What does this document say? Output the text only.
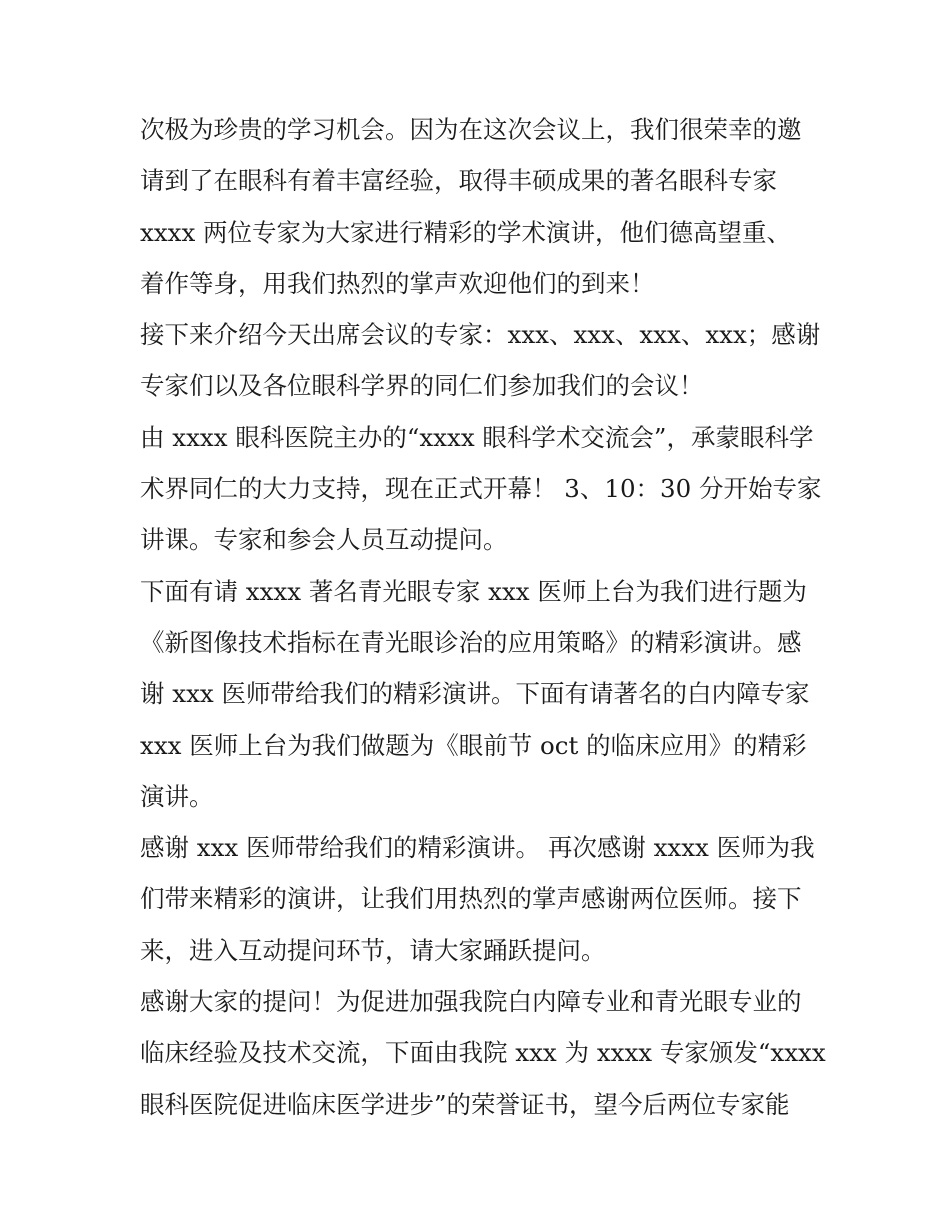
次极为珍贵的学习机会。因为在这次会议上，我们很荣幸的邀
请到了在眼科有着丰富经验，取得丰硕成果的著名眼科专家
xxxx 两位专家为大家进行精彩的学术演讲，他们德高望重、
着作等身，用我们热烈的掌声欢迎他们的到来！
接下来介绍今天出席会议的专家：xxx、xxx、xxx、xxx；感谢
专家们以及各位眼科学界的同仁们参加我们的会议！
由 xxxx 眼科医院主办的“xxxx 眼科学术交流会”，承蒙眼科学
术界同仁的大力支持，现在正式开幕！ 3、10：30 分开始专家
讲课。专家和参会人员互动提问。
下面有请 xxxx 著名青光眼专家 xxx 医师上台为我们进行题为
《新图像技术指标在青光眼诊治的应用策略》的精彩演讲。感
谢 xxx 医师带给我们的精彩演讲。下面有请著名的白内障专家
xxx 医师上台为我们做题为《眼前节 oct 的临床应用》的精彩
演讲。
感谢 xxx 医师带给我们的精彩演讲。 再次感谢 xxxx 医师为我
们带来精彩的演讲，让我们用热烈的掌声感谢两位医师。接下
来，进入互动提问环节，请大家踊跃提问。
感谢大家的提问！为促进加强我院白内障专业和青光眼专业的
临床经验及技术交流，下面由我院 xxx 为 xxxx 专家颁发“xxxx
眼科医院促进临床医学进步”的荣誉证书，望今后两位专家能
